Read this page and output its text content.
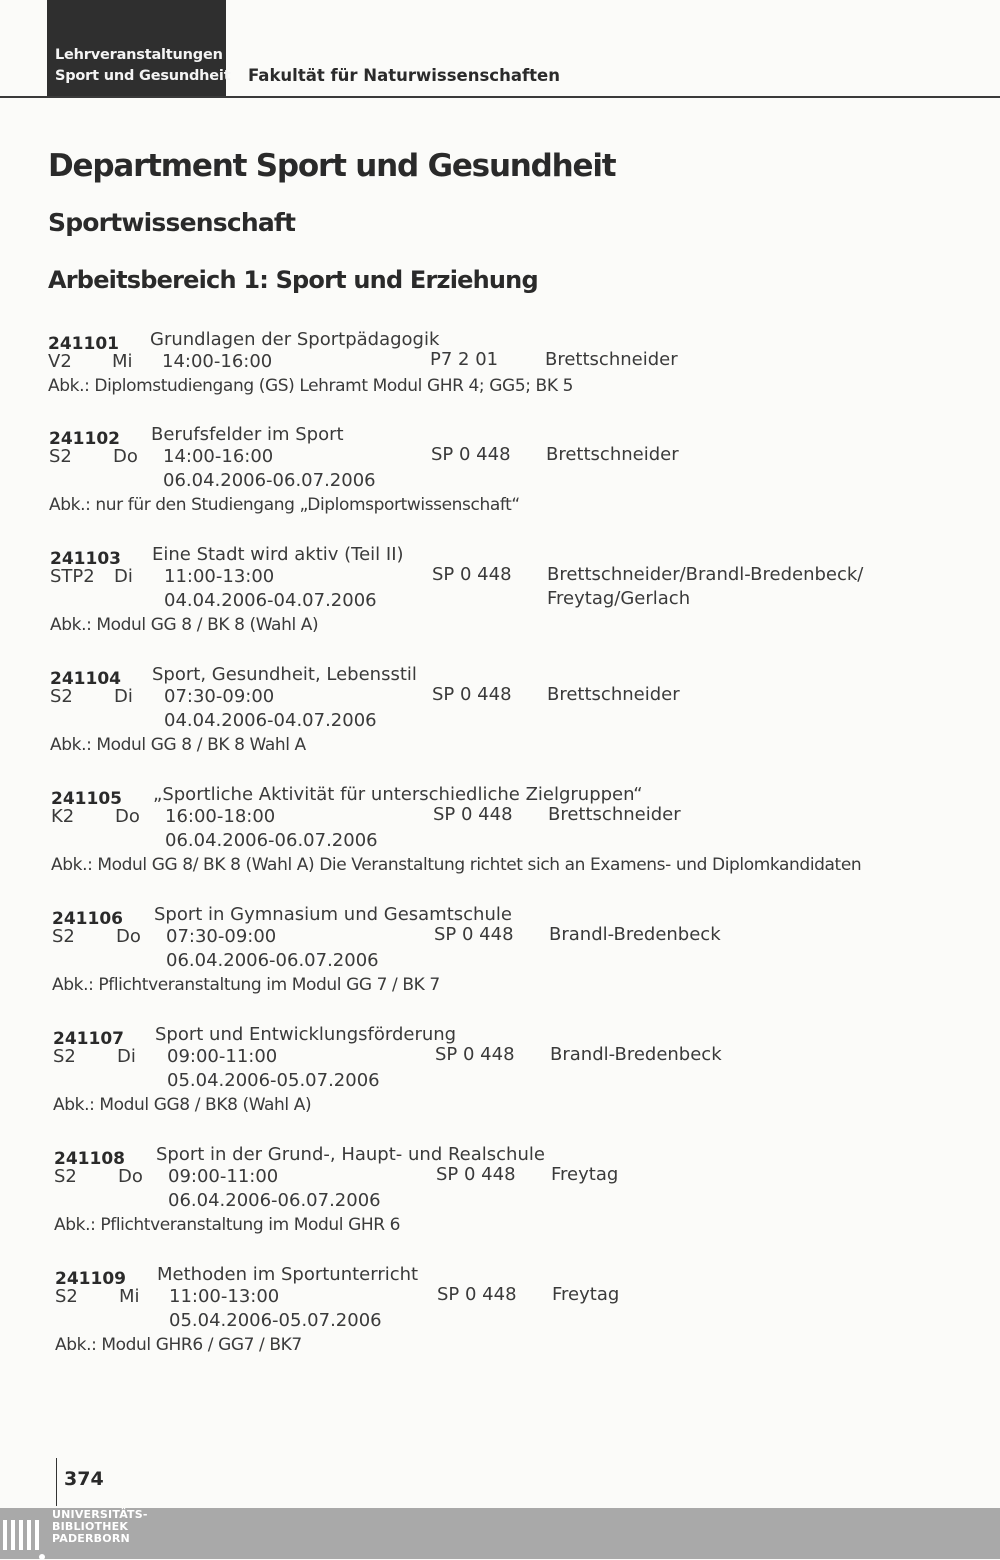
Lehrveranstaltungen
Sport und Gesundheit Fakultät für Naturwissenschaften
Department Sport und Gesundheit
Sportwissenschaft
Arbeitsbereich 1: Sport und Erziehung
241101 Grundlagen der Sportpädagogik
V2 Mi 14:00-16:00	P7 2 01	Brettschneider
Abk.: Diplomstudiengang (GS) Lehramt Modul GHR 4; GG5; BK 5
241102 Berufsfelder im Sport
S2 Do 14:00-16:00	SP 0 448 Brettschneider
06.04.2006-06.07.2006
Abk.: nur für den Studiengang „Diplomsportwissenschaft“
241103 Eine Stadt wird aktiv (Teil II)
STP2 Di 11:00-13:00	SP 0 448 Brettschneider/Brandl-Bredenbeck/
Freytag/Gerlach
04.04.2006-04.07.2006
Abk.: Modul GG 8 / BK 8 (Wahl A)
241104 Sport, Gesundheit, Lebensstil
S2 Di 07:30-09:00	SP 0 448 Brettschneider
04.04.2006-04.07.2006
Abk.: Modul GG 8 / BK 8 Wahl A
241105 „Sportliche Aktivität für unterschiedliche Zielgruppen“
K2 Do 16:00-18:00	SP 0 448 Brettschneider
06.04.2006-06.07.2006
Abk.: Modul GG 8/ BK 8 (Wahl A) Die Veranstaltung richtet sich an Examens- und Diplomkandidaten
241106 Sport in Gymnasium und Gesamtschule
S2 Do 07:30-09:00	SP 0 448 Brandl-Bredenbeck
06.04.2006-06.07.2006
Abk.: Pflichtveranstaltung im Modul GG 7 / BK 7
241107 Sport und Entwicklungsförderung
S2 Di 09:00-11:00	SP 0 448 Brandl-Bredenbeck
05.04.2006-05.07.2006
Abk.: Modul GG8 / BK8 (Wahl A)
241108 Sport in der Grund-, Haupt- und Realschule
S2 Do 09:00-11:00	SP 0 448 Freytag
06.04.2006-06.07.2006
Abk.: Pflichtveranstaltung im Modul GHR 6
241109 Methoden im Sportunterricht
S2 Mi 11:00-13:00	SP 0 448 Freytag
05.04.2006-05.07.2006
Abk.: Modul GHR6 / GG7 / BK7
374
UNIVERSITÄTS-
BIBLIOTHEK
PADERBORN
